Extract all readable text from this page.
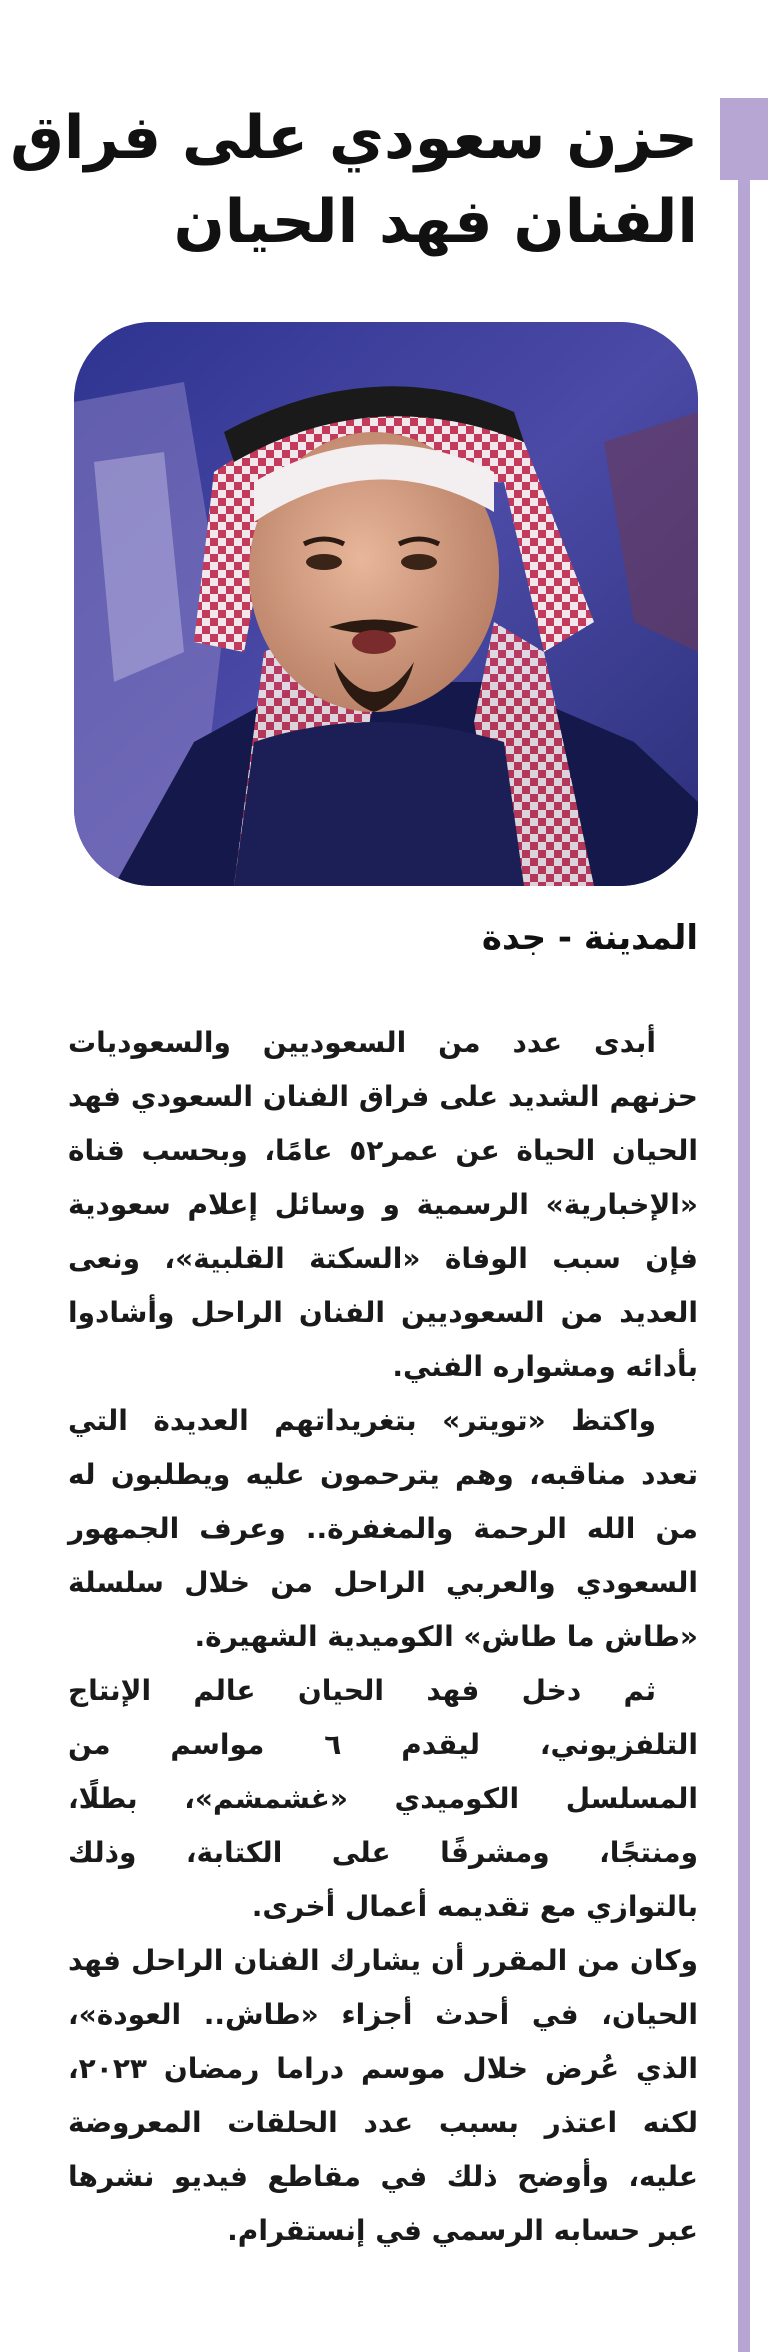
حزن سعودي على فراق
الفنان فهد الحيان
المدينة - جدة
أبدى عدد من السعوديين والسعوديات
حزنهم الشديد على فراق الفنان السعودي فهد
الحيان الحياة عن عمر٥٢ عامًا، وبحسب قناة
«الإخبارية» الرسمية و وسائل إعلام سعودية
فإن سبب الوفاة «السكتة القلبية»، ونعى
العديد من السعوديين الفنان الراحل وأشادوا
بأدائه ومشواره الفني.
واكتظ «تويتر» بتغريداتهم العديدة التي
تعدد مناقبه، وهم يترحمون عليه ويطلبون له
من الله الرحمة والمغفرة.. وعرف الجمهور
السعودي والعربي الراحل من خلال سلسلة
«طاش ما طاش» الكوميدية الشهيرة.
ثم دخل فهد الحيان عالم الإنتاج
التلفزيوني، ليقدم ٦ مواسم من
المسلسل الكوميدي «غشمشم»، بطلًا،
ومنتجًا، ومشرفًا على الكتابة، وذلك
بالتوازي مع تقديمه أعمال أخرى.
وكان من المقرر أن يشارك الفنان الراحل فهد
الحيان، في أحدث أجزاء «طاش.. العودة»،
الذي عُرض خلال موسم دراما رمضان ٢٠٢٣،
لكنه اعتذر بسبب عدد الحلقات المعروضة
عليه، وأوضح ذلك في مقاطع فيديو نشرها
عبر حسابه الرسمي في إنستقرام.
